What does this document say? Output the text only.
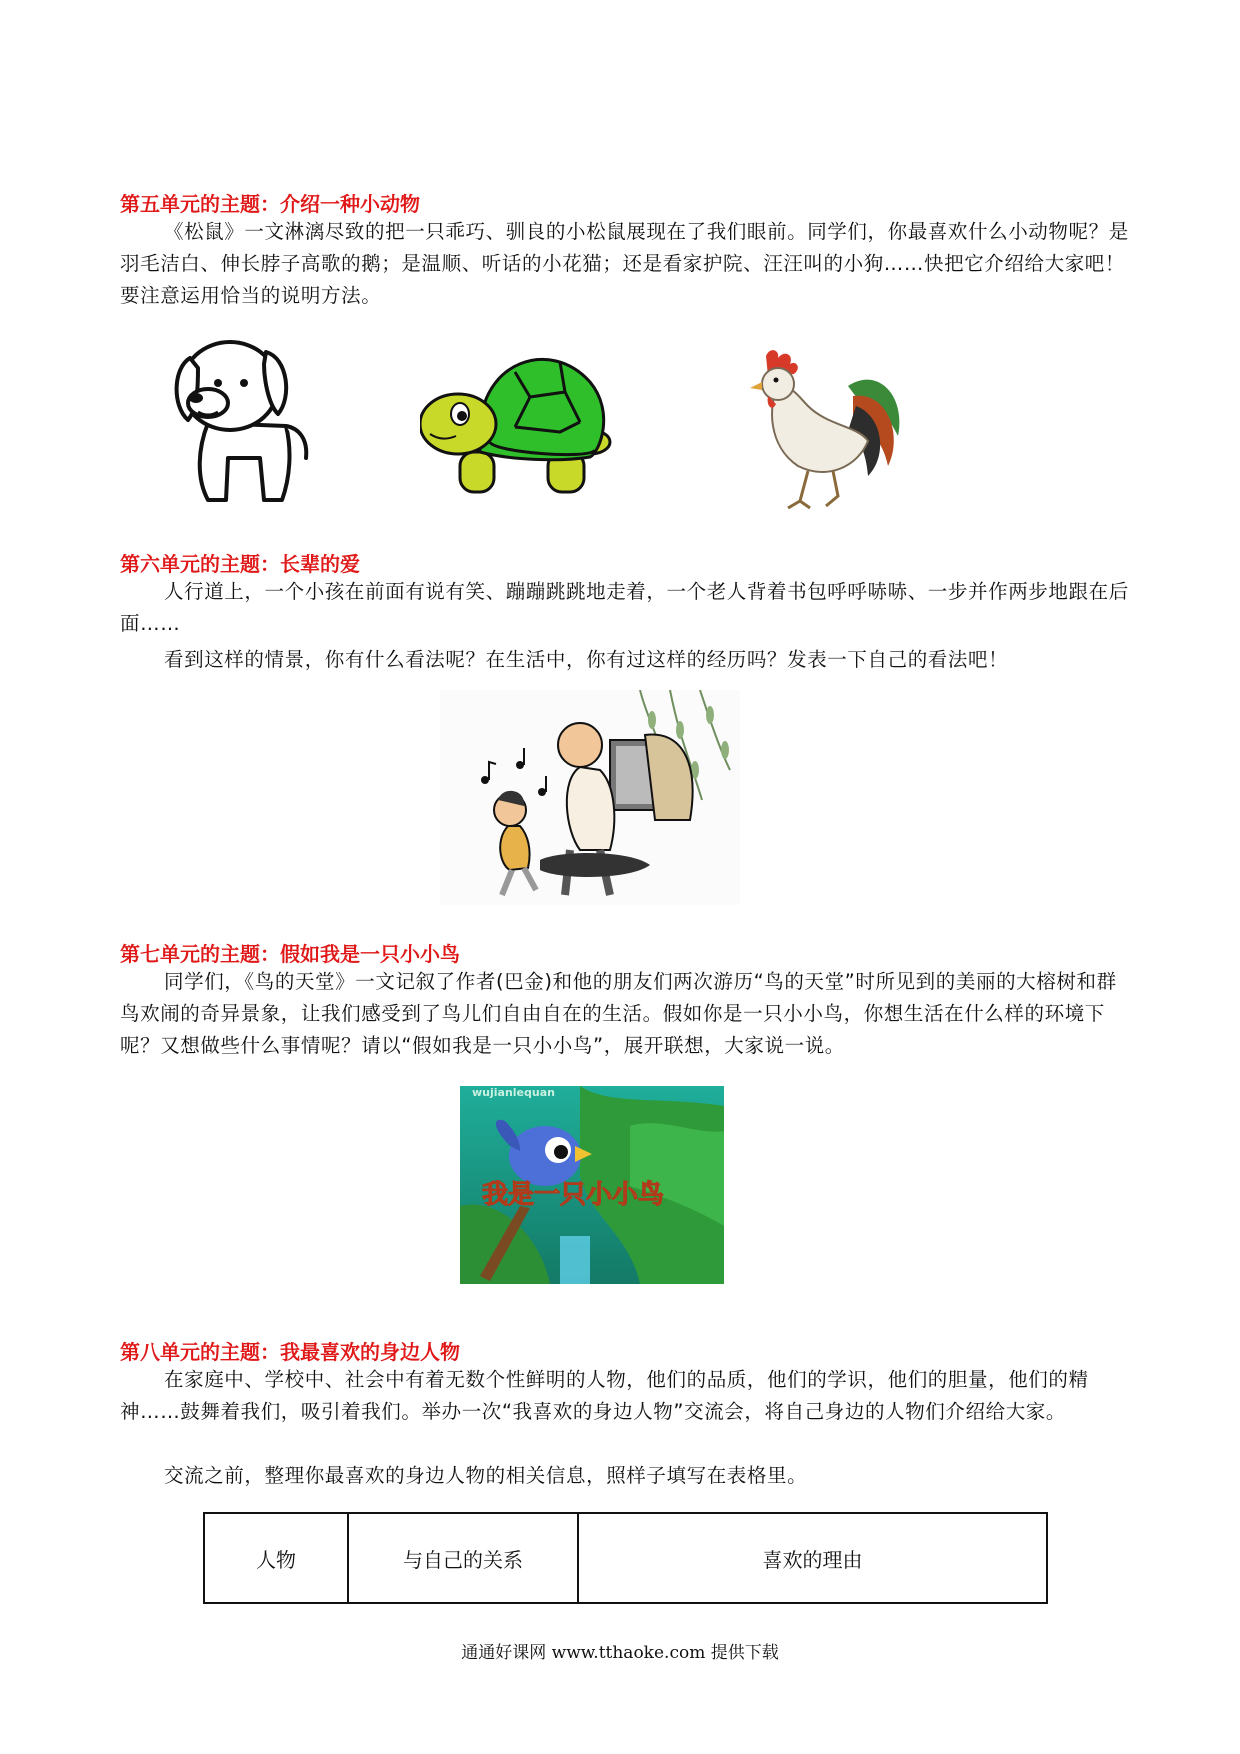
第五单元的主题：介绍一种小动物

《松鼠》一文淋漓尽致的把一只乖巧、驯良的小松鼠展现在了我们眼前。同学们，你最喜欢什么小动物呢？是羽毛洁白、伸长脖子高歌的鹅；是温顺、听话的小花猫；还是看家护院、汪汪叫的小狗……快把它介绍给大家吧！要注意运用恰当的说明方法。

第六单元的主题：长辈的爱

人行道上，一个小孩在前面有说有笑、蹦蹦跳跳地走着，一个老人背着书包呼呼哧哧、一步并作两步地跟在后面……

看到这样的情景，你有什么看法呢？在生活中，你有过这样的经历吗？发表一下自己的看法吧！

第七单元的主题：假如我是一只小小鸟

同学们，《鸟的天堂》一文记叙了作者(巴金)和他的朋友们两次游历“鸟的天堂”时所见到的美丽的大榕树和群鸟欢闹的奇异景象，让我们感受到了鸟儿们自由自在的生活。假如你是一只小小鸟，你想生活在什么样的环境下呢？又想做些什么事情呢？请以“假如我是一只小小鸟”，展开联想，大家说一说。

wujianlequan
我是一只小小鸟
第八单元的主题：我最喜欢的身边人物

在家庭中、学校中、社会中有着无数个性鲜明的人物，他们的品质，他们的学识，他们的胆量，他们的精神……鼓舞着我们，吸引着我们。举办一次“我喜欢的身边人物”交流会，将自己身边的人物们介绍给大家。

交流之前，整理你最喜欢的身边人物的相关信息，照样子填写在表格里。

人物	与自己的关系	喜欢的理由
通通好课网 www.tthaoke.com 提供下载
